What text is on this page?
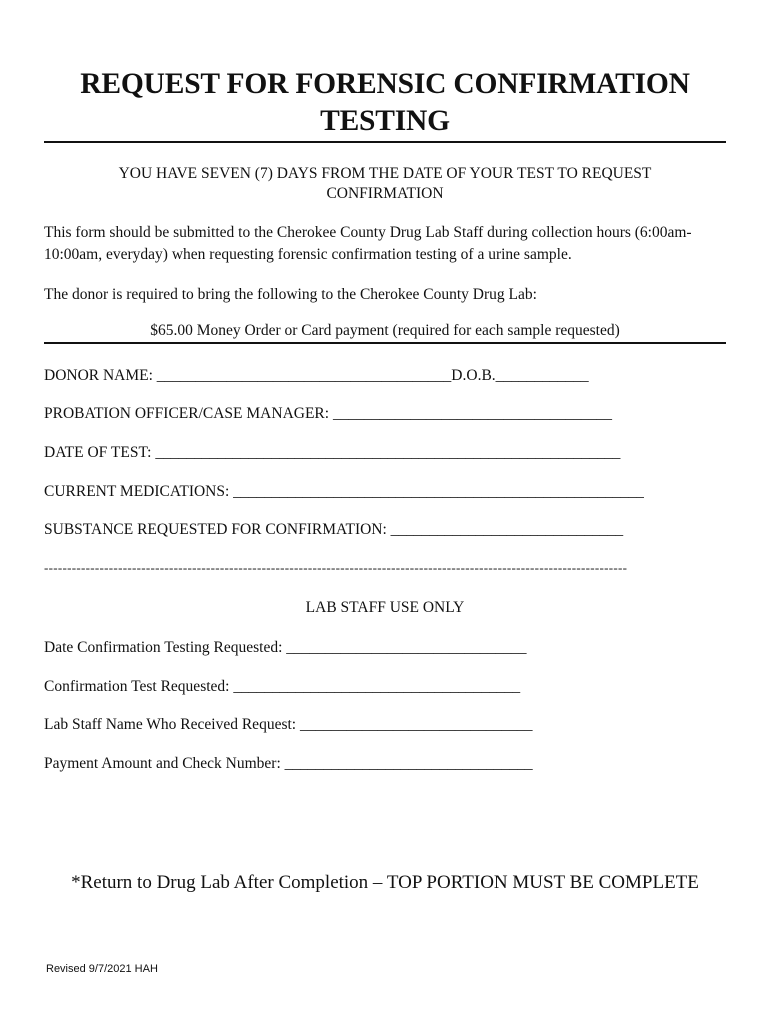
REQUEST FOR FORENSIC CONFIRMATION TESTING
YOU HAVE SEVEN (7) DAYS FROM THE DATE OF YOUR TEST TO REQUEST CONFIRMATION
This form should be submitted to the Cherokee County Drug Lab Staff during collection hours (6:00am-10:00am, everyday) when requesting forensic confirmation testing of a urine sample.
The donor is required to bring the following to the Cherokee County Drug Lab:
$65.00 Money Order or Card payment (required for each sample requested)
DONOR NAME: ______________________________________D.O.B.____________
PROBATION OFFICER/CASE MANAGER: ____________________________________
DATE OF TEST: ____________________________________________________________
CURRENT MEDICATIONS: _____________________________________________________
SUBSTANCE REQUESTED FOR CONFIRMATION: ______________________________
------------------------------------------------------------------------------------------------------------------------------
LAB STAFF USE ONLY
Date Confirmation Testing Requested: _______________________________
Confirmation Test Requested: _____________________________________
Lab Staff Name Who Received Request: ______________________________
Payment Amount and Check Number: ________________________________
*Return to Drug Lab After Completion – TOP PORTION MUST BE COMPLETE
Revised 9/7/2021 HAH
